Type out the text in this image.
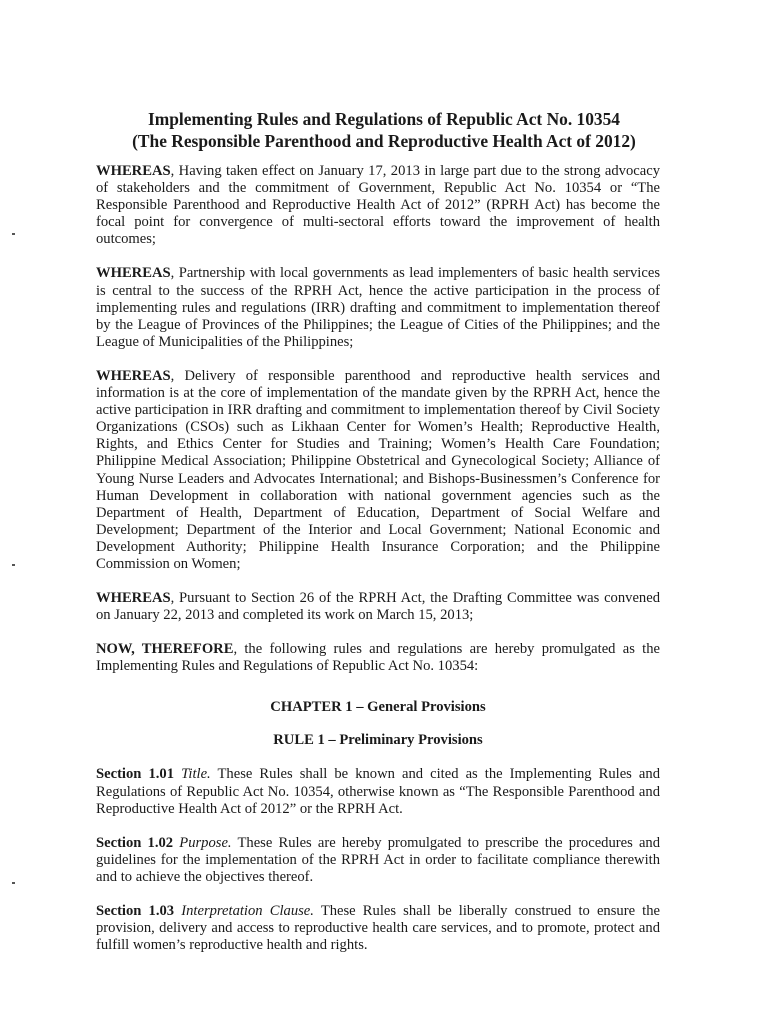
Implementing Rules and Regulations of Republic Act No. 10354
(The Responsible Parenthood and Reproductive Health Act of 2012)

WHEREAS, Having taken effect on January 17, 2013 in large part due to the strong advocacy of stakeholders and the commitment of Government, Republic Act No. 10354 or “The Responsible Parenthood and Reproductive Health Act of 2012” (RPRH Act) has become the focal point for convergence of multi-sectoral efforts toward the improvement of health outcomes;

WHEREAS, Partnership with local governments as lead implementers of basic health services is central to the success of the RPRH Act, hence the active participation in the process of implementing rules and regulations (IRR) drafting and commitment to implementation thereof by the League of Provinces of the Philippines; the League of Cities of the Philippines; and the League of Municipalities of the Philippines;

WHEREAS, Delivery of responsible parenthood and reproductive health services and information is at the core of implementation of the mandate given by the RPRH Act, hence the active participation in IRR drafting and commitment to implementation thereof by Civil Society Organizations (CSOs) such as Likhaan Center for Women’s Health; Reproductive Health, Rights, and Ethics Center for Studies and Training; Women’s Health Care Foundation; Philippine Medical Association; Philippine Obstetrical and Gynecological Society; Alliance of Young Nurse Leaders and Advocates International; and Bishops-Businessmen’s Conference for Human Development in collaboration with national government agencies such as the Department of Health, Department of Education, Department of Social Welfare and Development; Department of the Interior and Local Government; National Economic and Development Authority; Philippine Health Insurance Corporation; and the Philippine Commission on Women;

WHEREAS, Pursuant to Section 26 of the RPRH Act, the Drafting Committee was convened on January 22, 2013 and completed its work on March 15, 2013;

NOW, THEREFORE, the following rules and regulations are hereby promulgated as the Implementing Rules and Regulations of Republic Act No. 10354:

CHAPTER 1 – General Provisions
RULE 1 – Preliminary Provisions

Section 1.01 Title. These Rules shall be known and cited as the Implementing Rules and Regulations of Republic Act No. 10354, otherwise known as “The Responsible Parenthood and Reproductive Health Act of 2012” or the RPRH Act.

Section 1.02 Purpose. These Rules are hereby promulgated to prescribe the procedures and guidelines for the implementation of the RPRH Act in order to facilitate compliance therewith and to achieve the objectives thereof.

Section 1.03 Interpretation Clause. These Rules shall be liberally construed to ensure the provision, delivery and access to reproductive health care services, and to promote, protect and fulfill women’s reproductive health and rights.
